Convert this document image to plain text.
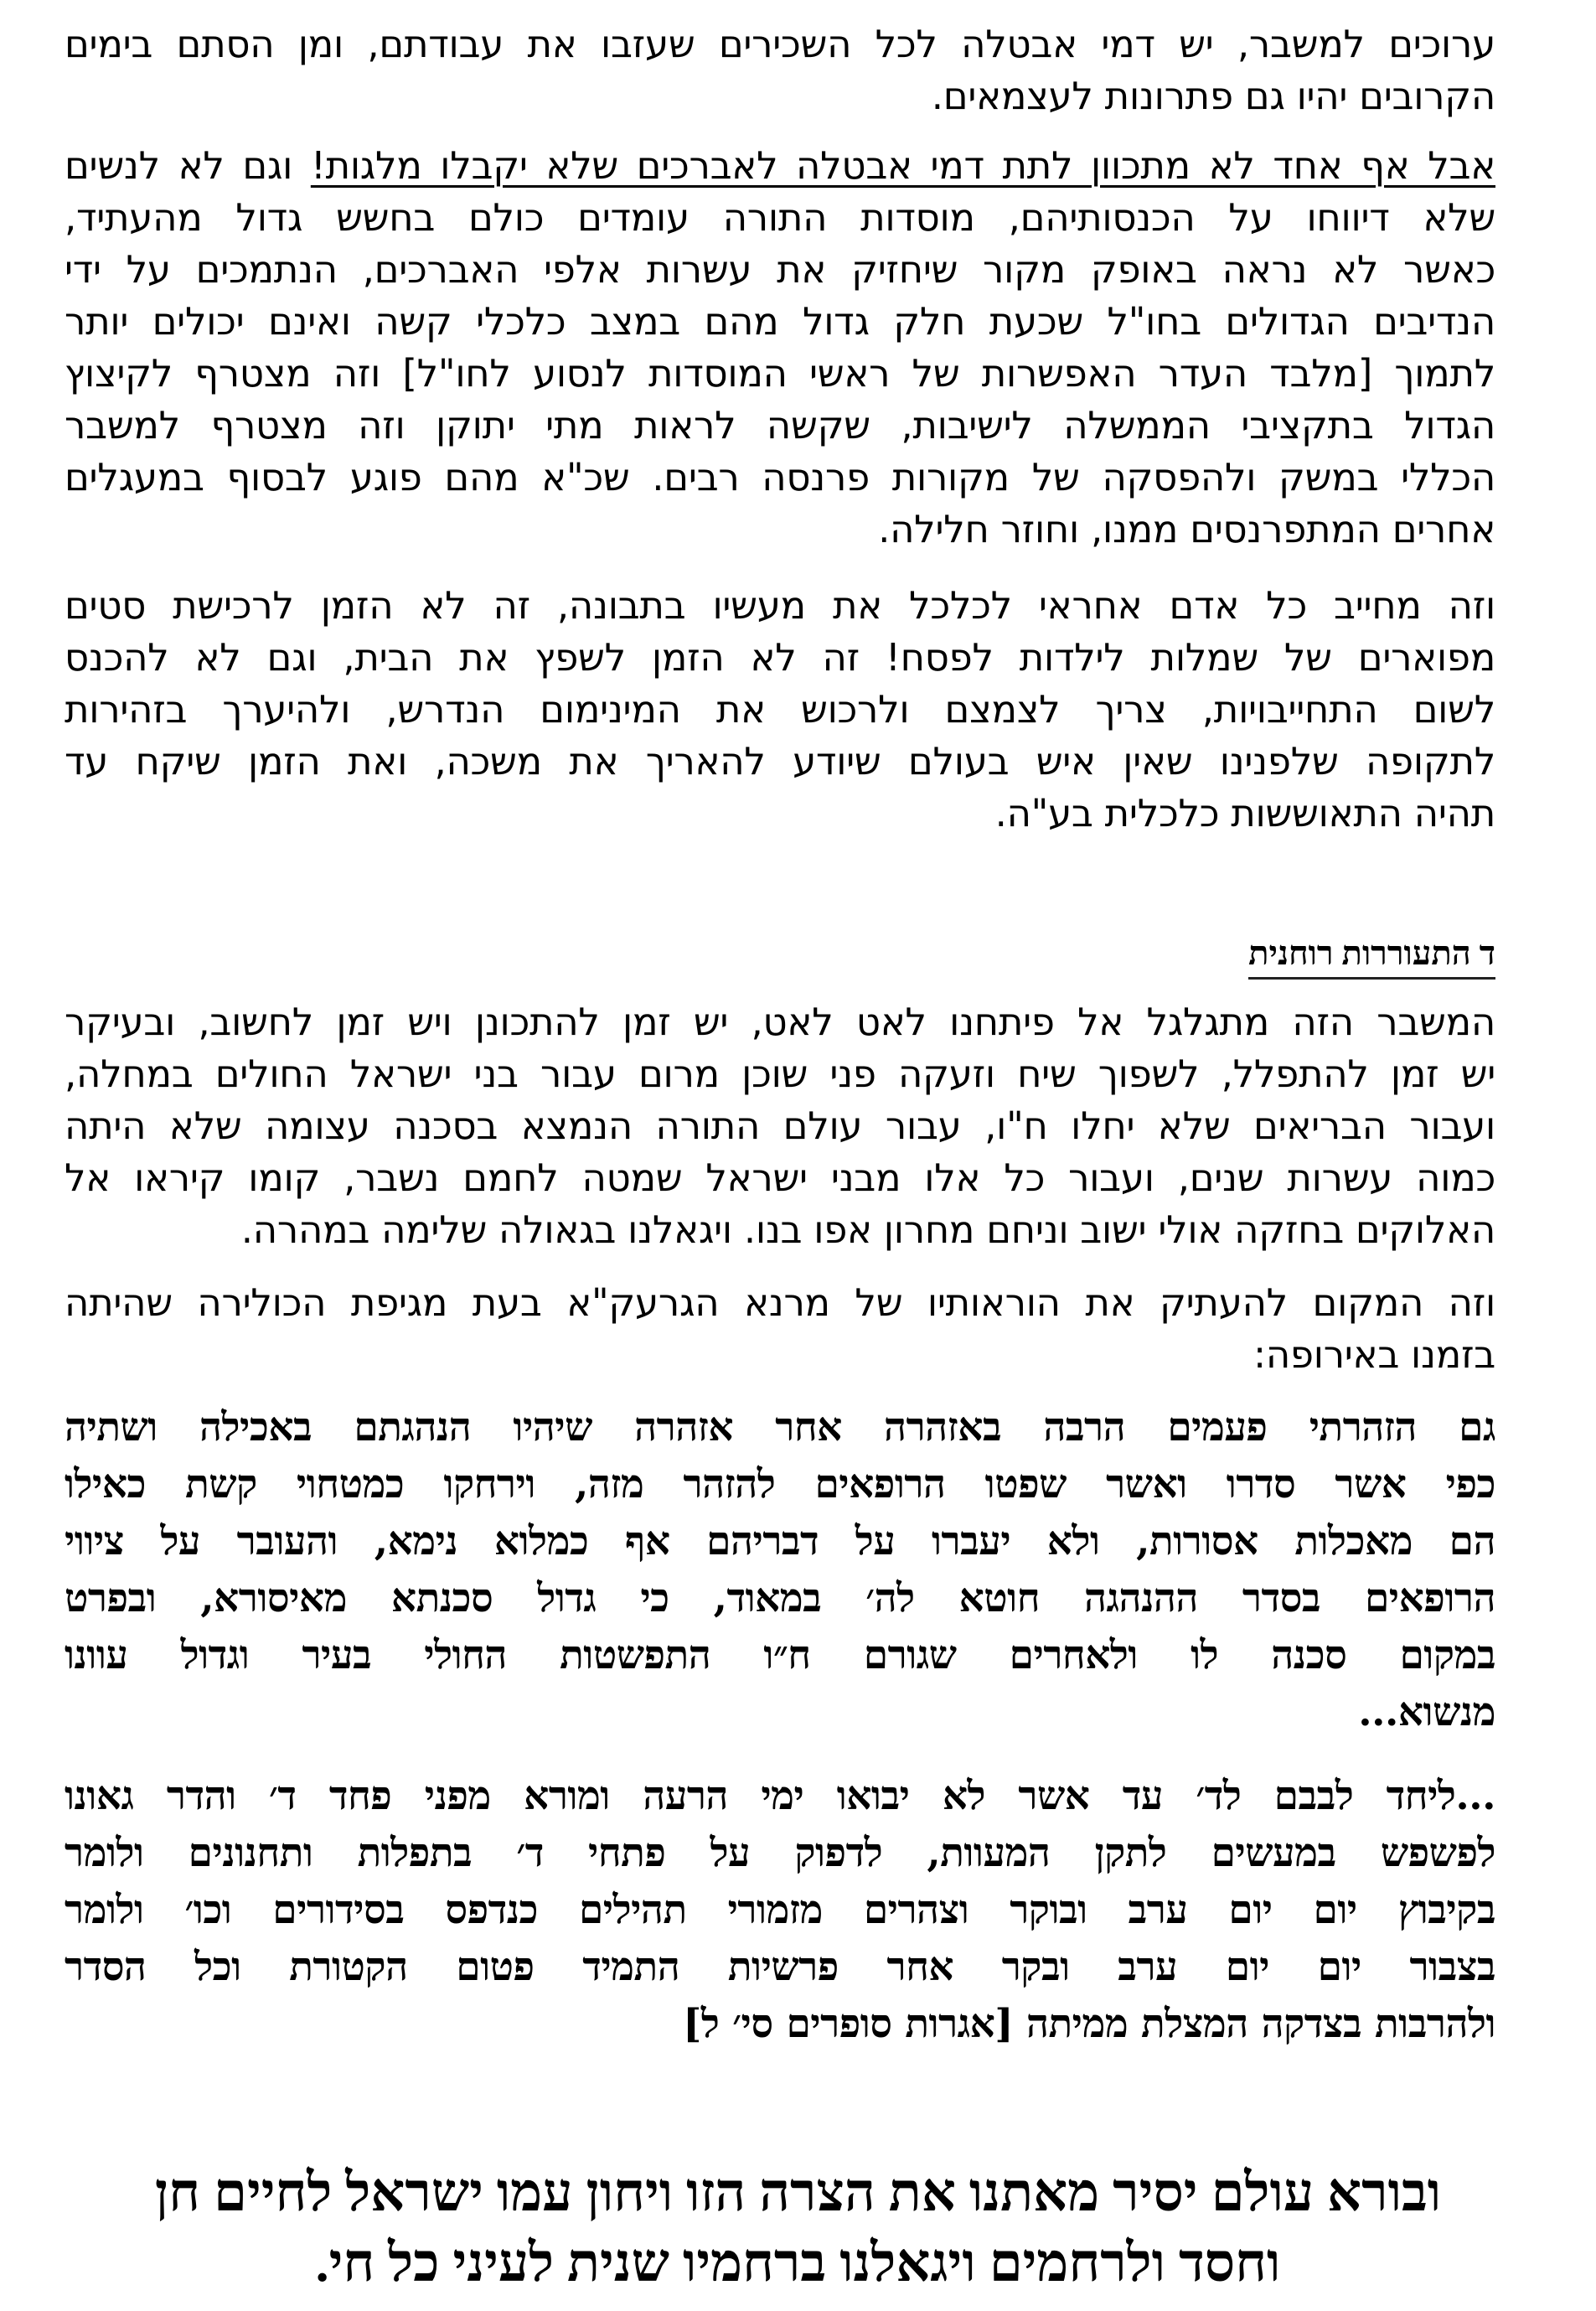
ערוכים למשבר, יש דמי אבטלה לכל השכירים שעזבו את עבודתם, ומן הסתם בימים
הקרובים יהיו גם פתרונות לעצמאים.
אבל אף אחד לא מתכוון לתת דמי אבטלה לאברכים שלא יקבלו מלגות! וגם לא לנשים
שלא דיווחו על הכנסותיהם, מוסדות התורה עומדים כולם בחשש גדול מהעתיד,
כאשר לא נראה באופק מקור שיחזיק את עשרות אלפי האברכים, הנתמכים על ידי
הנדיבים הגדולים בחו"ל שכעת חלק גדול מהם במצב כלכלי קשה ואינם יכולים יותר
לתמוך [מלבד העדר האפשרות של ראשי המוסדות לנסוע לחו"ל] וזה מצטרף לקיצוץ
הגדול בתקציבי הממשלה לישיבות, שקשה לראות מתי יתוקן וזה מצטרף למשבר
הכללי במשק ולהפסקה של מקורות פרנסה רבים. שכ"א מהם פוגע לבסוף במעגלים
אחרים המתפרנסים ממנו, וחוזר חלילה.
וזה מחייב כל אדם אחראי לכלכל את מעשיו בתבונה, זה לא הזמן לרכישת סטים
מפוארים של שמלות לילדות לפסח! זה לא הזמן לשפץ את הבית, וגם לא להכנס
לשום התחייבויות, צריך לצמצם ולרכוש את המינימום הנדרש, ולהיערך בזהירות
לתקופה שלפנינו שאין איש בעולם שיודע להאריך את משכה, ואת הזמן שיקח עד
תהיה התאוששות כלכלית בע"ה.
ד התעוררות רוחנית
המשבר הזה מתגלגל אל פיתחנו לאט לאט, יש זמן להתכונן ויש זמן לחשוב, ובעיקר
יש זמן להתפלל, לשפוך שיח וזעקה פני שוכן מרום עבור בני ישראל החולים במחלה,
ועבור הבריאים שלא יחלו ח"ו, עבור עולם התורה הנמצא בסכנה עצומה שלא היתה
כמוה עשרות שנים, ועבור כל אלו מבני ישראל שמטה לחמם נשבר, קומו קיראו אל
האלוקים בחזקה אולי ישוב וניחם מחרון אפו בנו. ויגאלנו בגאולה שלימה במהרה.
וזה המקום להעתיק את הוראותיו של מרנא הגרעק"א בעת מגיפת הכולירה שהיתה
בזמנו באירופה:
גם הזהרתי פעמים הרבה באזהרה אחר אזהרה שיהיו הנהגתם באכילה ושתיה
כפי אשר סדרו ואשר שפטו הרופאים להזהר מזה, וירחקו כמטחוי קשת כאילו
הם מאכלות אסורות, ולא יעברו על דבריהם אף כמלוא נימא, והעובר על ציווי
הרופאים בסדר ההנהגה חוטא לה׳ במאוד, כי גדול סכנתא מאיסורא, ובפרט
במקום סכנה לו ולאחרים שגורם ח״ו התפשטות החולי בעיר וגדול עוונו
מנשוא...
...ליחד לבבם לד׳ עד אשר לא יבואו ימי הרעה ומורא מפני פחד ד׳ והדר גאונו
לפשפש במעשים לתקן המעוות, לדפוק על פתחי ד׳ בתפלות ותחנונים ולומר
בקיבוץ יום יום ערב ובוקר וצהרים מזמורי תהילים כנדפס בסידורים וכו׳ ולומר
בצבור יום יום ערב ובקר אחר פרשיות התמיד פטום הקטורת וכל הסדר
ולהרבות בצדקה המצלת ממיתה [אגרות סופרים סי׳ ל]
ובורא עולם יסיר מאתנו את הצרה הזו ויחון עמו ישראל לחיים חן
וחסד ולרחמים ויגאלנו ברחמיו שנית לעיני כל חי.
